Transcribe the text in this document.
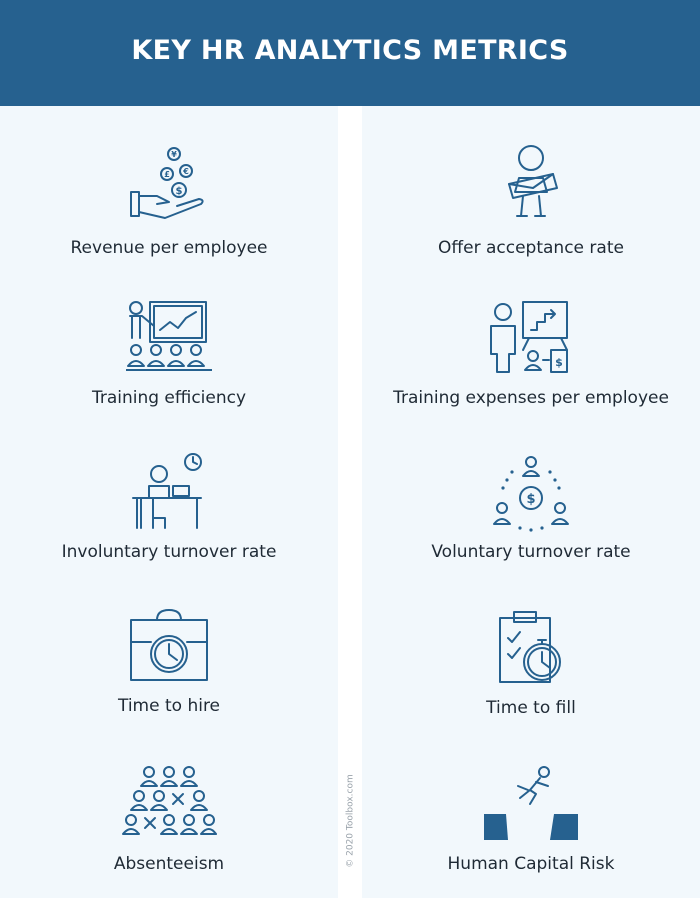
KEY HR ANALYTICS METRICS
© 2020 Toolbox.com
¥
£ €
$
Revenue per employee	Offer acceptance rate
Training efficiency
$
Training expenses per employee
Involuntary turnover rate
$
Voluntary turnover rate
Time to hire	Time to fill
Absenteeism	Human Capital Risk
